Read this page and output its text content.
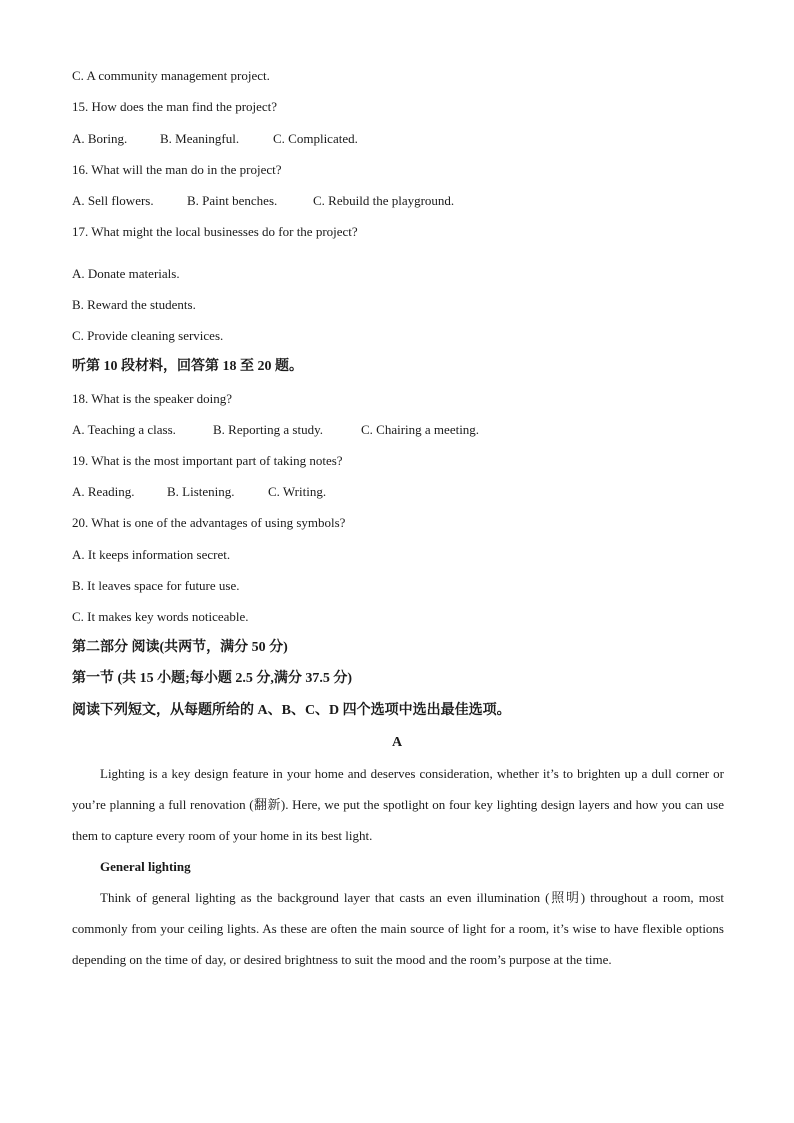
C. A community management project.
15. How does the man find the project?
A. Boring.	B. Meaningful.	C. Complicated.
16. What will the man do in the project?
A. Sell flowers.	B. Paint benches.	C. Rebuild the playground.
17. What might the local businesses do for the project?
A. Donate materials.
B. Reward the students.
C. Provide cleaning services.
听第 10 段材料，回答第 18 至 20 题。
18. What is the speaker doing?
A. Teaching a class.	B. Reporting a study.	C. Chairing a meeting.
19. What is the most important part of taking notes?
A. Reading.	B. Listening.	C. Writing.
20. What is one of the advantages of using symbols?
A. It keeps information secret.
B. It leaves space for future use.
C. It makes key words noticeable.
第二部分 阅读(共两节，满分 50 分)
第一节 (共 15 小题;每小题 2.5 分,满分 37.5 分)
阅读下列短文，从每题所给的 A、B、C、D 四个选项中选出最佳选项。
A
Lighting is a key design feature in your home and deserves consideration, whether it’s to brighten up a dull corner or you’re planning a full renovation (翻新). Here, we put the spotlight on four key lighting design layers and how you can use them to capture every room of your home in its best light.
General lighting
Think of general lighting as the background layer that casts an even illumination (照明) throughout a room, most commonly from your ceiling lights. As these are often the main source of light for a room, it’s wise to have flexible options depending on the time of day, or desired brightness to suit the mood and the room’s purpose at the time.
